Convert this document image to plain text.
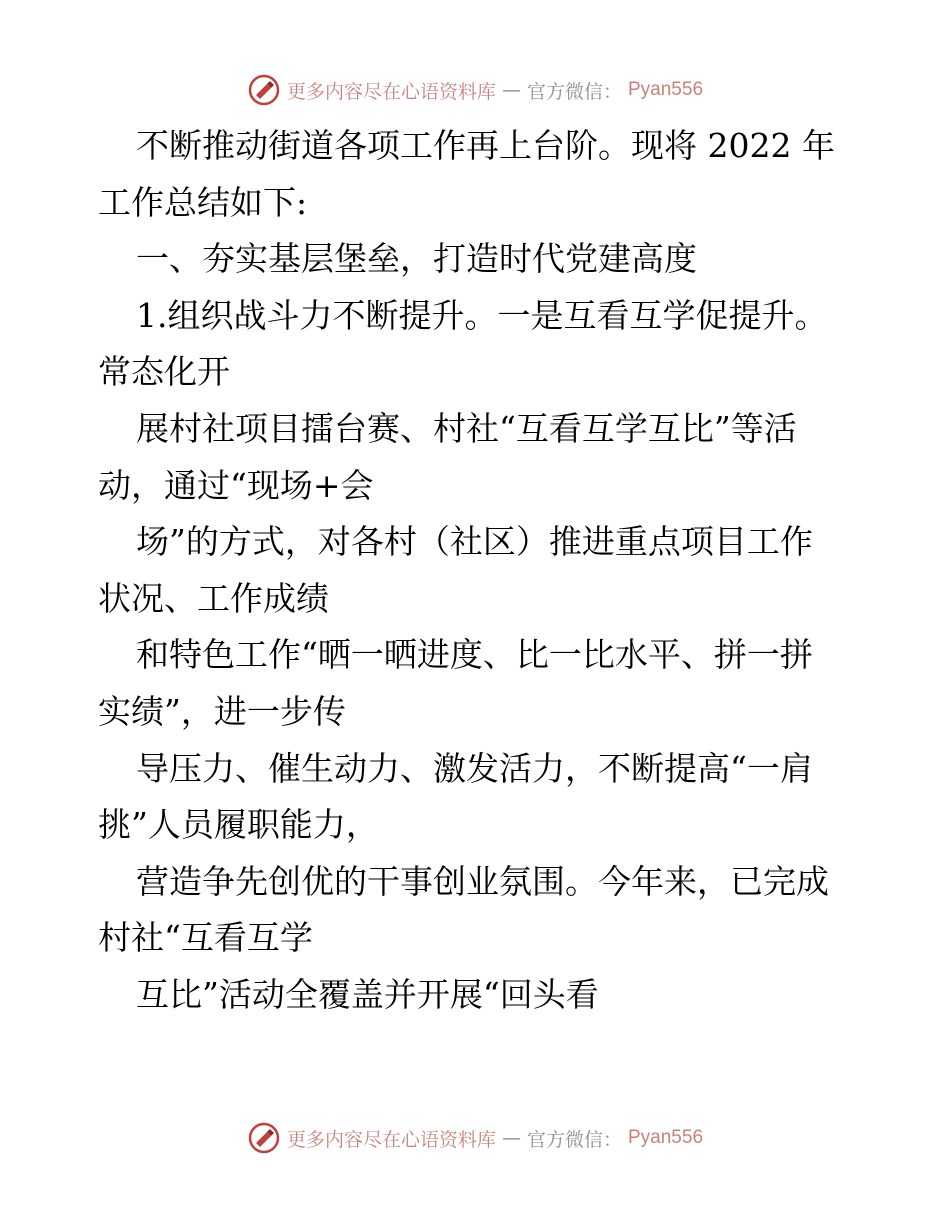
更多内容尽在心语资料库 — 官方微信： Pyan556
不断推动街道各项工作再上台阶。现将 2022 年
工作总结如下:
一、夯实基层堡垒，打造时代党建高度
1.组织战斗力不断提升。一是互看互学促提升。
常态化开
展村社项目擂台赛、村社“互看互学互比”等活
动，通过“现场+会
场”的方式，对各村（社区）推进重点项目工作
状况、工作成绩
和特色工作“晒一晒进度、比一比水平、拼一拼
实绩”，进一步传
导压力、催生动力、激发活力，不断提高“一肩
挑”人员履职能力，
营造争先创优的干事创业氛围。今年来，已完成
村社“互看互学
互比”活动全覆盖并开展“回头看
更多内容尽在心语资料库 — 官方微信： Pyan556
